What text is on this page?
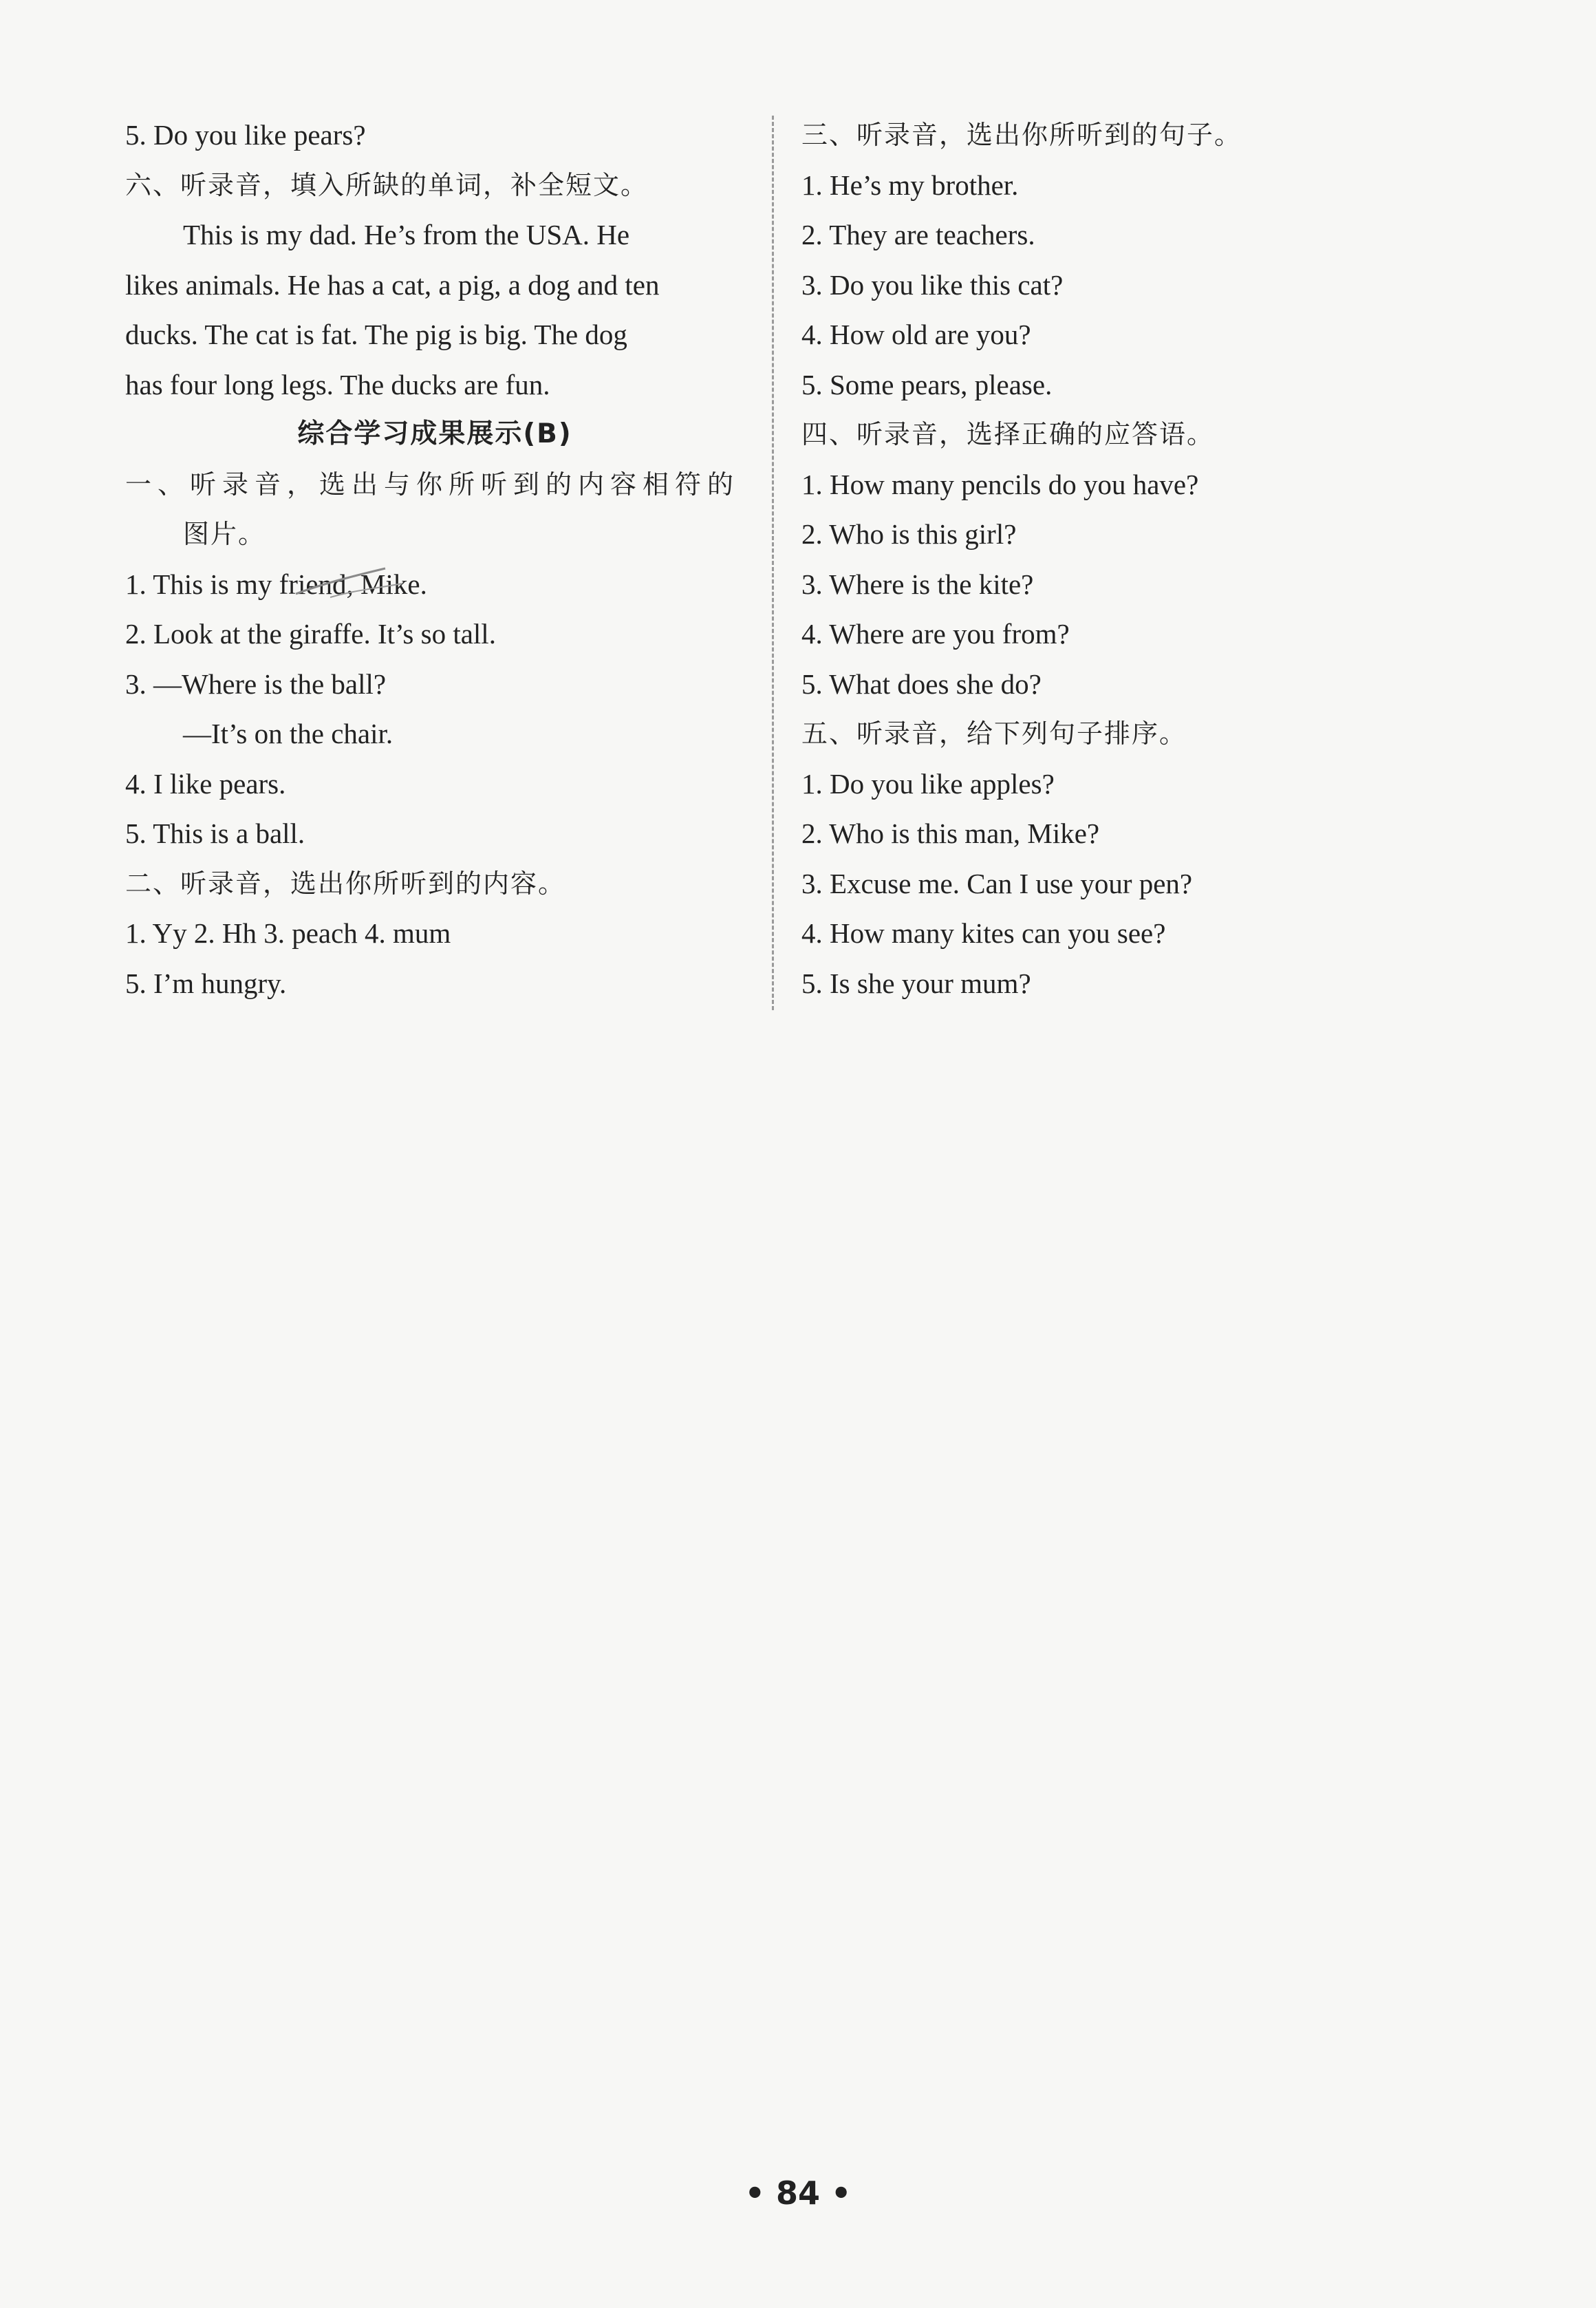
5. Do you like pears?
六、听录音，填入所缺的单词，补全短文。
This is my dad. He’s from the USA. He
likes animals. He has a cat, a pig, a dog and ten
ducks. The cat is fat. The pig is big. The dog
has four long legs. The ducks are fun.
综合学习成果展示(B)
一、听录音，选出与你所听到的内容相符的
图片。
1. This is my friend, Mike.
2. Look at the giraffe. It’s so tall.
3. —Where is the ball?
—It’s on the chair.
4. I like pears.
5. This is a ball.
二、听录音，选出你所听到的内容。
1. Yy 2. Hh 3. peach 4. mum
5. I’m hungry.
三、听录音，选出你所听到的句子。
1. He’s my brother.
2. They are teachers.
3. Do you like this cat?
4. How old are you?
5. Some pears, please.
四、听录音，选择正确的应答语。
1. How many pencils do you have?
2. Who is this girl?
3. Where is the kite?
4. Where are you from?
5. What does she do?
五、听录音，给下列句子排序。
1. Do you like apples?
2. Who is this man, Mike?
3. Excuse me. Can I use your pen?
4. How many kites can you see?
5. Is she your mum?
• 84 •
